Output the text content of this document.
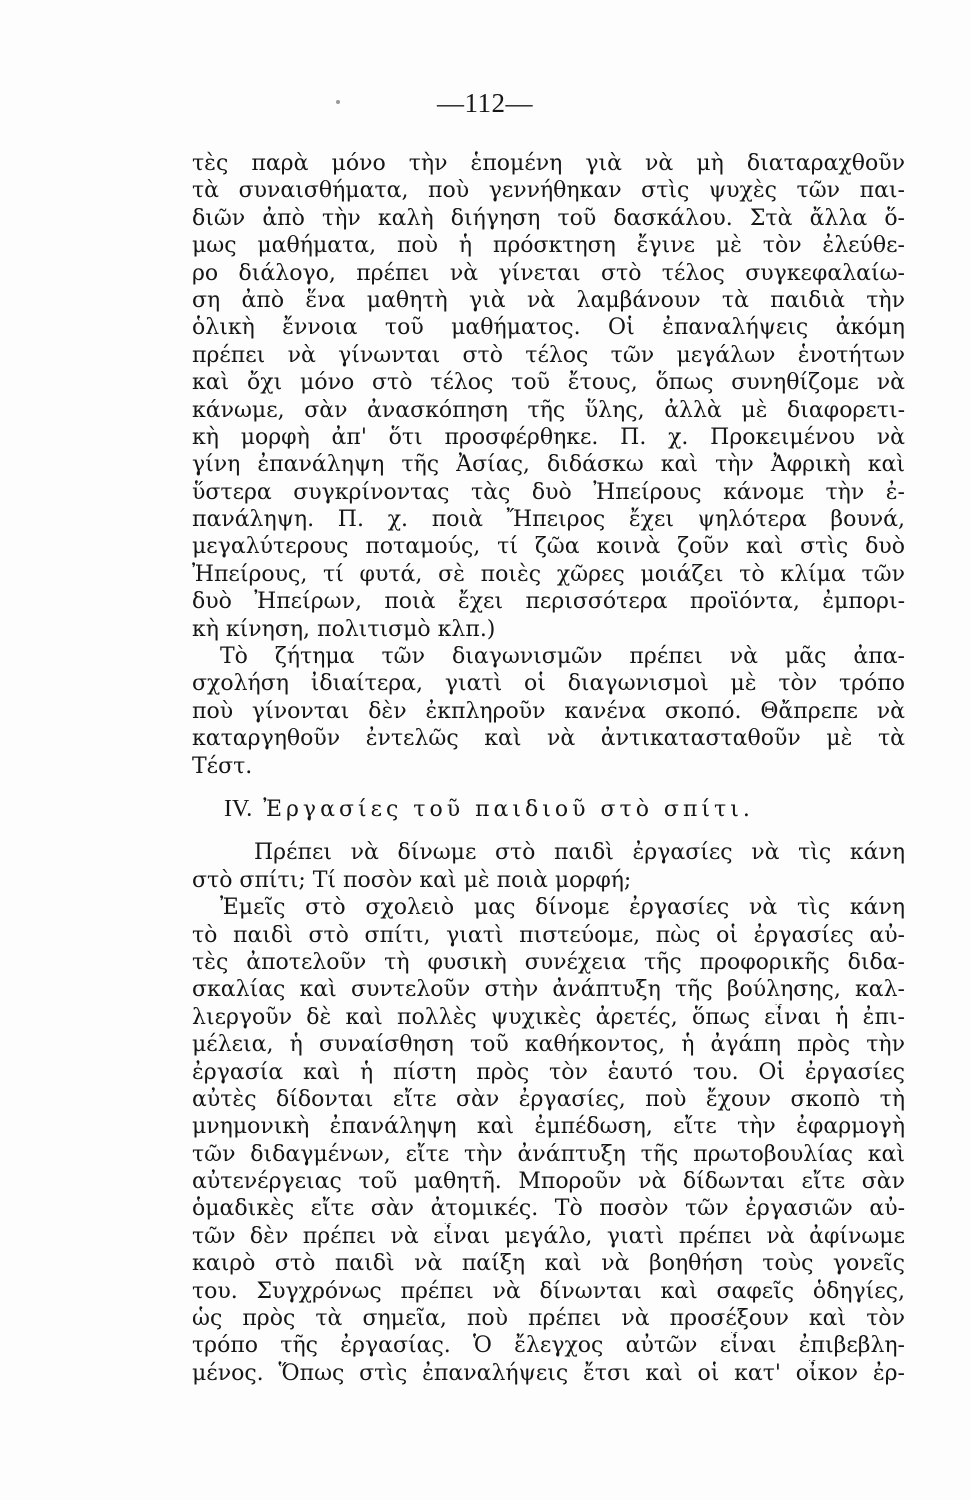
—112—
τὲς παρὰ μόνο τὴν ἑπομένη γιὰ νὰ μὴ διαταραχθοῦν
τὰ συναισθήματα, ποὺ γεννήθηκαν στὶς ψυχὲς τῶν παι-
διῶν ἀπὸ τὴν καλὴ διήγηση τοῦ δασκάλου. Στὰ ἄλλα ὅ-
μως μαθήματα, ποὺ ἡ πρόσκτηση ἔγινε μὲ τὸν ἐλεύθε-
ρο διάλογο, πρέπει νὰ γίνεται στὸ τέλος συγκεφαλαίω-
ση ἀπὸ ἕνα μαθητὴ γιὰ νὰ λαμβάνουν τὰ παιδιὰ τὴν
ὁλικὴ ἔννοια τοῦ μαθήματος. Οἱ ἐπαναλήψεις ἀκόμη
πρέπει νὰ γίνωνται στὸ τέλος τῶν μεγάλων ἑνοτήτων
καὶ ὄχι μόνο στὸ τέλος τοῦ ἔτους, ὅπως συνηθίζομε νὰ
κάνωμε, σὰν ἀνασκόπηση τῆς ὕλης, ἀλλὰ μὲ διαφορετι-
κὴ μορφὴ ἀπ' ὅτι προσφέρθηκε. Π. χ. Προκειμένου νὰ
γίνη ἐπανάληψη τῆς Ἀσίας, διδάσκω καὶ τὴν Ἀφρικὴ καὶ
ὕστερα συγκρίνοντας τὰς δυὸ Ἠπείρους κάνομε τὴν ἐ-
πανάληψη. Π. χ. ποιὰ Ἤπειρος ἔχει ψηλότερα βουνά,
μεγαλύτερους ποταμούς, τί ζῶα κοινὰ ζοῦν καὶ στὶς δυὸ
Ἠπείρους, τί φυτά, σὲ ποιὲς χῶρες μοιάζει τὸ κλίμα τῶν
δυὸ Ἠπείρων, ποιὰ ἔχει περισσότερα προϊόντα, ἐμπορι-
κὴ κίνηση, πολιτισμὸ κλπ.)
Τὸ ζήτημα τῶν διαγωνισμῶν πρέπει νὰ μᾶς ἀπα-
σχολήση ἰδιαίτερα, γιατὶ οἱ διαγωνισμοὶ μὲ τὸν τρόπο
ποὺ γίνονται δὲν ἐκπληροῦν κανένα σκοπό. Θἄπρεπε νὰ
καταργηθοῦν ἐντελῶς καὶ νὰ ἀντικατασταθοῦν μὲ τὰ
Τέστ.
IV. Ἐργασίες τοῦ παιδιοῦ στὸ σπίτι.
Πρέπει νὰ δίνωμε στὸ παιδὶ ἐργασίες νὰ τὶς κάνη
στὸ σπίτι; Τί ποσὸν καὶ μὲ ποιὰ μορφή;
Ἐμεῖς στὸ σχολειὸ μας δίνομε ἐργασίες νὰ τὶς κάνη
τὸ παιδὶ στὸ σπίτι, γιατὶ πιστεύομε, πὼς οἱ ἐργασίες αὐ-
τὲς ἀποτελοῦν τὴ φυσικὴ συνέχεια τῆς προφορικῆς διδα-
σκαλίας καὶ συντελοῦν στὴν ἀνάπτυξη τῆς βούλησης, καλ-
λιεργοῦν δὲ καὶ πολλὲς ψυχικὲς ἀρετές, ὅπως εἶναι ἡ ἐπι-
μέλεια, ἡ συναίσθηση τοῦ καθήκοντος, ἡ ἀγάπη πρὸς τὴν
ἐργασία καὶ ἡ πίστη πρὸς τὸν ἑαυτό του. Οἱ ἐργασίες
αὐτὲς δίδονται εἴτε σὰν ἐργασίες, ποὺ ἔχουν σκοπὸ τὴ
μνημονικὴ ἐπανάληψη καὶ ἐμπέδωση, εἴτε τὴν ἐφαρμογὴ
τῶν διδαγμένων, εἴτε τὴν ἀνάπτυξη τῆς πρωτοβουλίας καὶ
αὐτενέργειας τοῦ μαθητῆ. Μποροῦν νὰ δίδωνται εἴτε σὰν
ὁμαδικὲς εἴτε σὰν ἀτομικές. Τὸ ποσὸν τῶν ἐργασιῶν αὐ-
τῶν δὲν πρέπει νὰ εἶναι μεγάλο, γιατὶ πρέπει νὰ ἀφίνωμε
καιρὸ στὸ παιδὶ νὰ παίξη καὶ νὰ βοηθήση τοὺς γονεῖς
του. Συγχρόνως πρέπει νὰ δίνωνται καὶ σαφεῖς ὁδηγίες,
ὡς πρὸς τὰ σημεῖα, ποὺ πρέπει νὰ προσέξουν καὶ τὸν
τρόπο τῆς ἐργασίας. Ὁ ἔλεγχος αὐτῶν εἶναι ἐπιβεβλη-
μένος. Ὅπως στὶς ἐπαναλήψεις ἔτσι καὶ οἱ κατ' οἶκον ἐρ-
